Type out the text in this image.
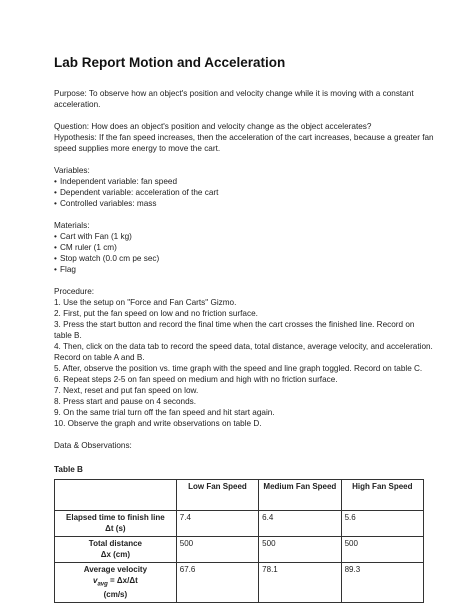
Lab Report Motion and Acceleration

Purpose: To observe how an object's position and velocity change while it is moving with a constant acceleration.

Question: How does an object's position and velocity change as the object accelerates?
Hypothesis: If the fan speed increases, then the acceleration of the cart increases, because a greater fan speed supplies more energy to move the cart.

Variables:
• Independent variable: fan speed
• Dependent variable: acceleration of the cart
• Controlled variables: mass
Materials:
• Cart with Fan (1 kg)
• CM ruler (1 cm)
• Stop watch (0.0 cm pe sec)
• Flag
Procedure:
1. Use the setup on "Force and Fan Carts" Gizmo.
2. First, put the fan speed on low and no friction surface.
3. Press the start button and record the final time when the cart crosses the finished line. Record on table B.
4. Then, click on the data tab to record the speed data, total distance, average velocity, and acceleration. Record on table A and B.
5. After, observe the position vs. time graph with the speed and line graph toggled. Record on table C.
6. Repeat steps 2-5 on fan speed on medium and high with no friction surface.
7. Next, reset and put fan speed on low.
8. Press start and pause on 4 seconds.
9. On the same trial turn off the fan speed and hit start again.
10. Observe the graph and write observations on table D.
Data & Observations:
Table B
	Low Fan Speed	Medium Fan Speed	High Fan Speed

Elapsed time to finish line
Δt (s)	7.4	6.4	5.6

Total distance
Δx (cm)	500	500	500

Average velocity
$v_{avg} = \Delta x/\Delta t$
(cm/s)	67.6	78.1	89.3
